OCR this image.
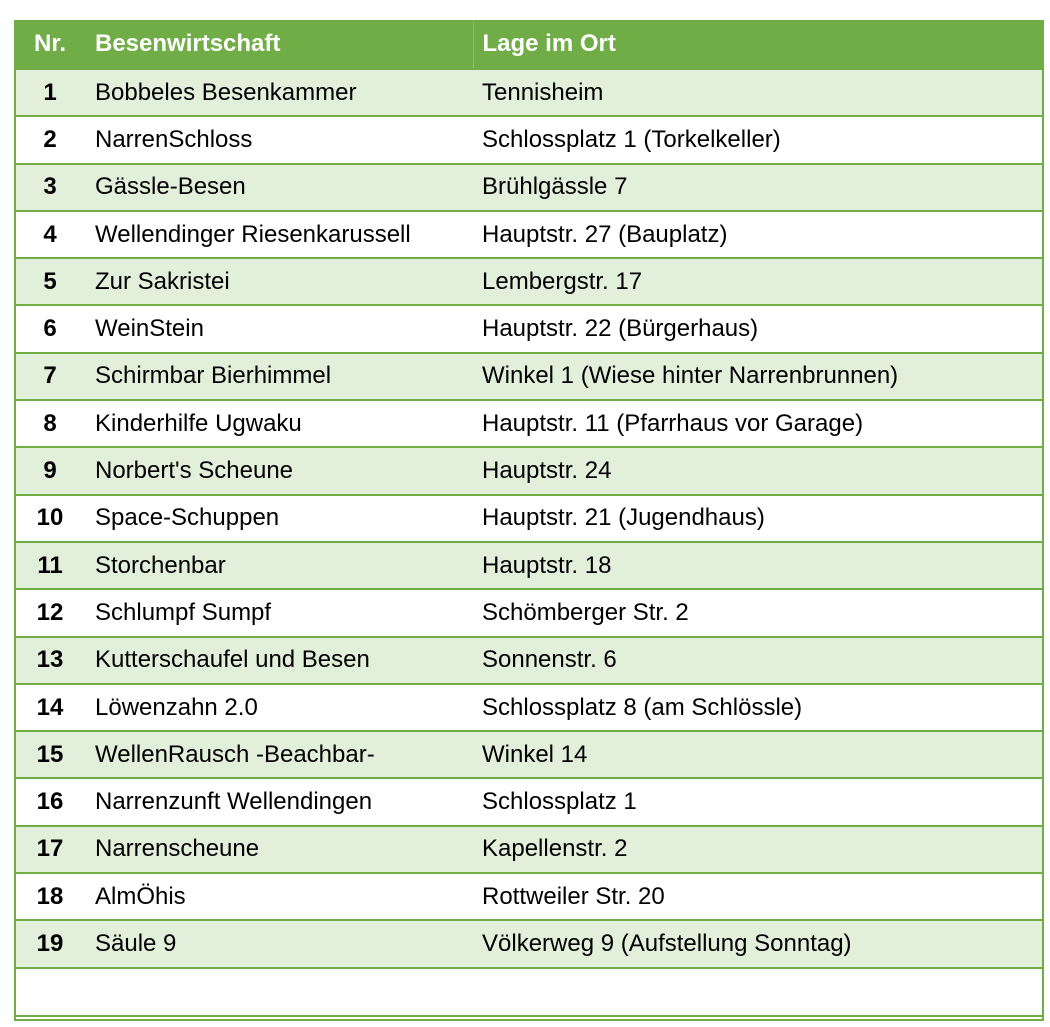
Nr.	Besenwirtschaft	Lage im Ort
1	Bobbeles Besenkammer	Tennisheim
2	NarrenSchloss	Schlossplatz 1 (Torkelkeller)
3	Gässle-Besen	Brühlgässle 7
4	Wellendinger Riesenkarussell	Hauptstr. 27 (Bauplatz)
5	Zur Sakristei	Lembergstr. 17
6	WeinStein	Hauptstr. 22 (Bürgerhaus)
7	Schirmbar Bierhimmel	Winkel 1 (Wiese hinter Narrenbrunnen)
8	Kinderhilfe Ugwaku	Hauptstr. 11 (Pfarrhaus vor Garage)
9	Norbert's Scheune	Hauptstr. 24
10	Space-Schuppen	Hauptstr. 21 (Jugendhaus)
11	Storchenbar	Hauptstr. 18
12	Schlumpf Sumpf	Schömberger Str. 2
13	Kutterschaufel und Besen	Sonnenstr. 6
14	Löwenzahn 2.0	Schlossplatz 8 (am Schlössle)
15	WellenRausch -Beachbar-	Winkel 14
16	Narrenzunft Wellendingen	Schlossplatz 1
17	Narrenscheune	Kapellenstr. 2
18	AlmÖhis	Rottweiler Str. 20
19	Säule 9	Völkerweg 9 (Aufstellung Sonntag)
